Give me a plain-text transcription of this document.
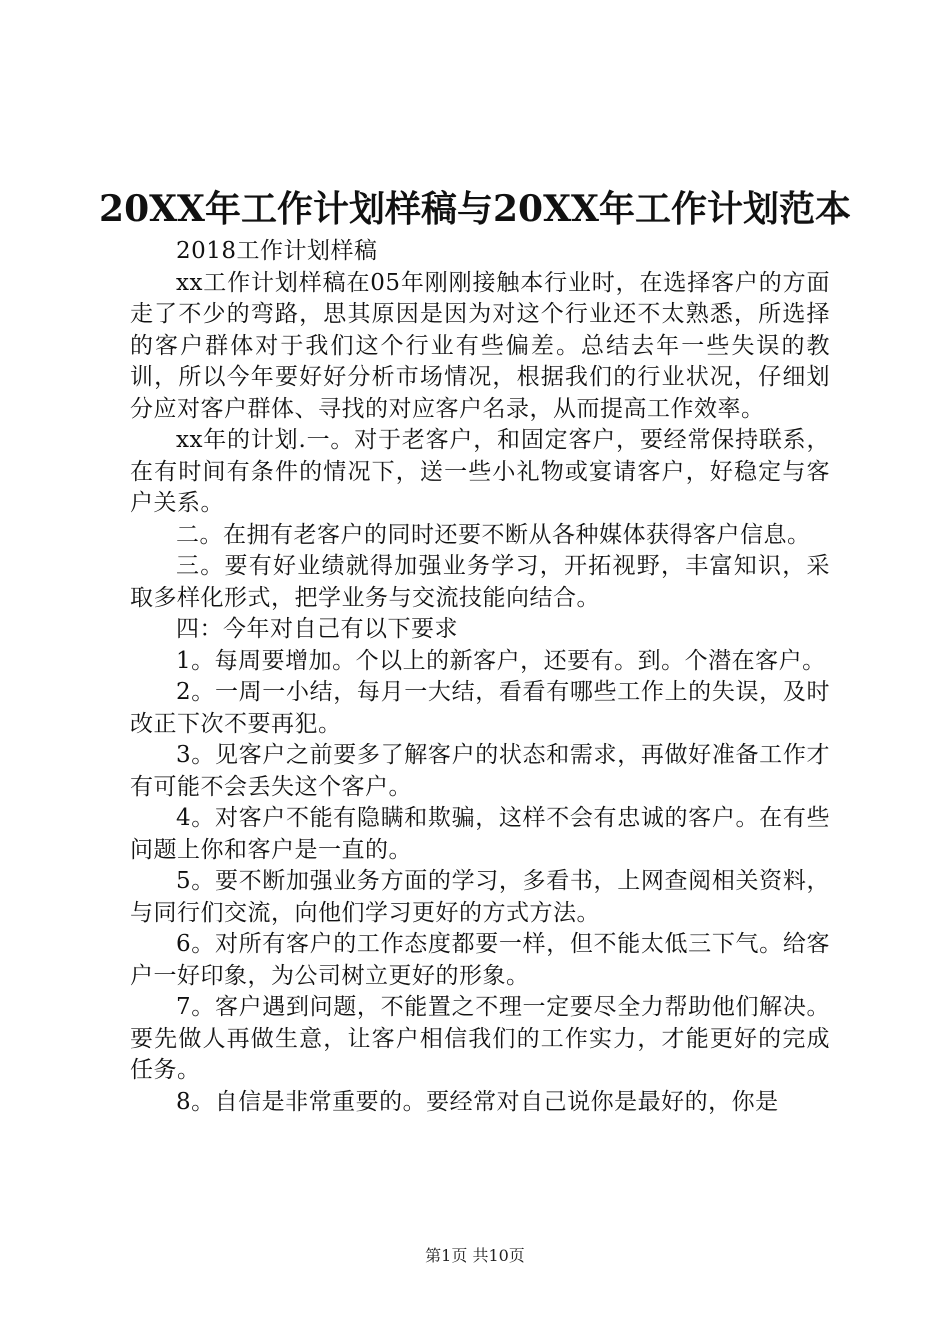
20XX年工作计划样稿与20XX年工作计划范本

2018工作计划样稿

xx工作计划样稿在05年刚刚接触本行业时，在选择客户的方面走了不少的弯路，思其原因是因为对这个行业还不太熟悉，所选择的客户群体对于我们这个行业有些偏差。总结去年一些失误的教训，所以今年要好好分析市场情况，根据我们的行业状况，仔细划分应对客户群体、寻找的对应客户名录，从而提高工作效率。

xx年的计划.一。对于老客户，和固定客户，要经常保持联系，在有时间有条件的情况下，送一些小礼物或宴请客户，好稳定与客户关系。

二。在拥有老客户的同时还要不断从各种媒体获得客户信息。

三。要有好业绩就得加强业务学习，开拓视野，丰富知识，采取多样化形式，把学业务与交流技能向结合。

四：今年对自己有以下要求

1。每周要增加。个以上的新客户，还要有。到。个潜在客户。

2。一周一小结，每月一大结，看看有哪些工作上的失误，及时改正下次不要再犯。

3。见客户之前要多了解客户的状态和需求，再做好准备工作才有可能不会丢失这个客户。

4。对客户不能有隐瞒和欺骗，这样不会有忠诚的客户。在有些问题上你和客户是一直的。

5。要不断加强业务方面的学习，多看书，上网查阅相关资料，与同行们交流，向他们学习更好的方式方法。

6。对所有客户的工作态度都要一样，但不能太低三下气。给客户一好印象，为公司树立更好的形象。

7。客户遇到问题，不能置之不理一定要尽全力帮助他们解决。要先做人再做生意，让客户相信我们的工作实力，才能更好的完成任务。

8。自信是非常重要的。要经常对自己说你是最好的，你是

第1页 共10页
